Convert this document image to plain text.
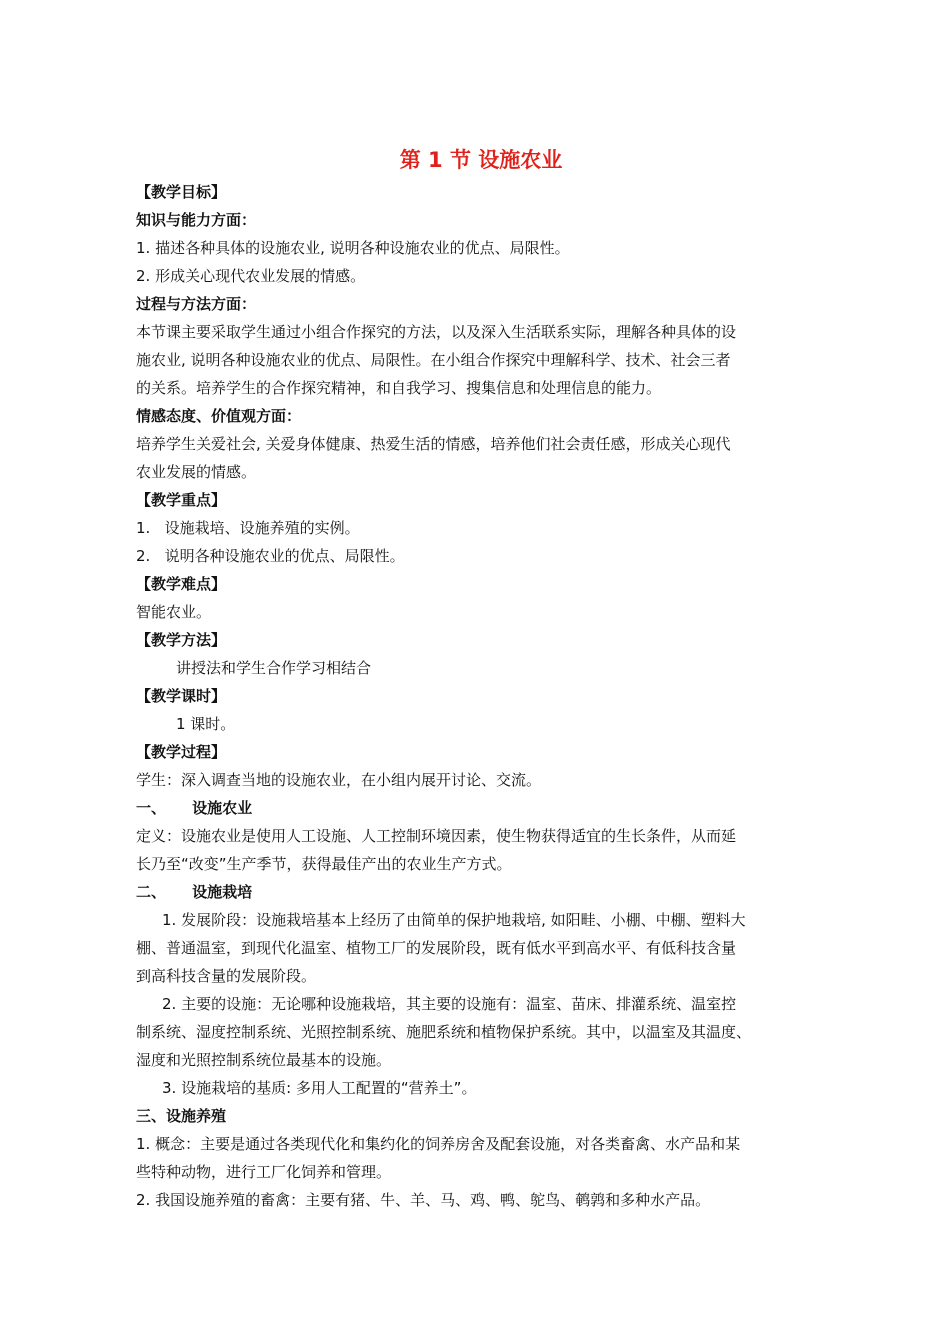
第 1 节 设施农业
【教学目标】
知识与能力方面：
1. 描述各种具体的设施农业, 说明各种设施农业的优点、局限性。
2. 形成关心现代农业发展的情感。
过程与方法方面：
本节课主要采取学生通过小组合作探究的方法，以及深入生活联系实际，理解各种具体的设
施农业, 说明各种设施农业的优点、局限性。在小组合作探究中理解科学、技术、社会三者
的关系。培养学生的合作探究精神，和自我学习、搜集信息和处理信息的能力。
情感态度、价值观方面：
培养学生关爱社会, 关爱身体健康、热爱生活的情感，培养他们社会责任感，形成关心现代
农业发展的情感。
【教学重点】
1.   设施栽培、设施养殖的实例。
2.   说明各种设施农业的优点、局限性。
【教学难点】
智能农业。
【教学方法】
讲授法和学生合作学习相结合
【教学课时】
1 课时。
【教学过程】
学生：深入调查当地的设施农业，在小组内展开讨论、交流。
一、     设施农业
定义：设施农业是使用人工设施、人工控制环境因素，使生物获得适宜的生长条件，从而延
长乃至“改变”生产季节，获得最佳产出的农业生产方式。
二、     设施栽培
1. 发展阶段：设施栽培基本上经历了由简单的保护地栽培, 如阳畦、小棚、中棚、塑料大
棚、普通温室，到现代化温室、植物工厂的发展阶段，既有低水平到高水平、有低科技含量
到高科技含量的发展阶段。
2. 主要的设施：无论哪种设施栽培，其主要的设施有：温室、苗床、排灌系统、温室控
制系统、湿度控制系统、光照控制系统、施肥系统和植物保护系统。其中，以温室及其温度、
湿度和光照控制系统位最基本的设施。
3. 设施栽培的基质: 多用人工配置的“营养土”。
三、设施养殖
1. 概念：主要是通过各类现代化和集约化的饲养房舍及配套设施，对各类畜禽、水产品和某
些特种动物，进行工厂化饲养和管理。
2. 我国设施养殖的畜禽：主要有猪、牛、羊、马、鸡、鸭、鸵鸟、鹌鹑和多种水产品。
